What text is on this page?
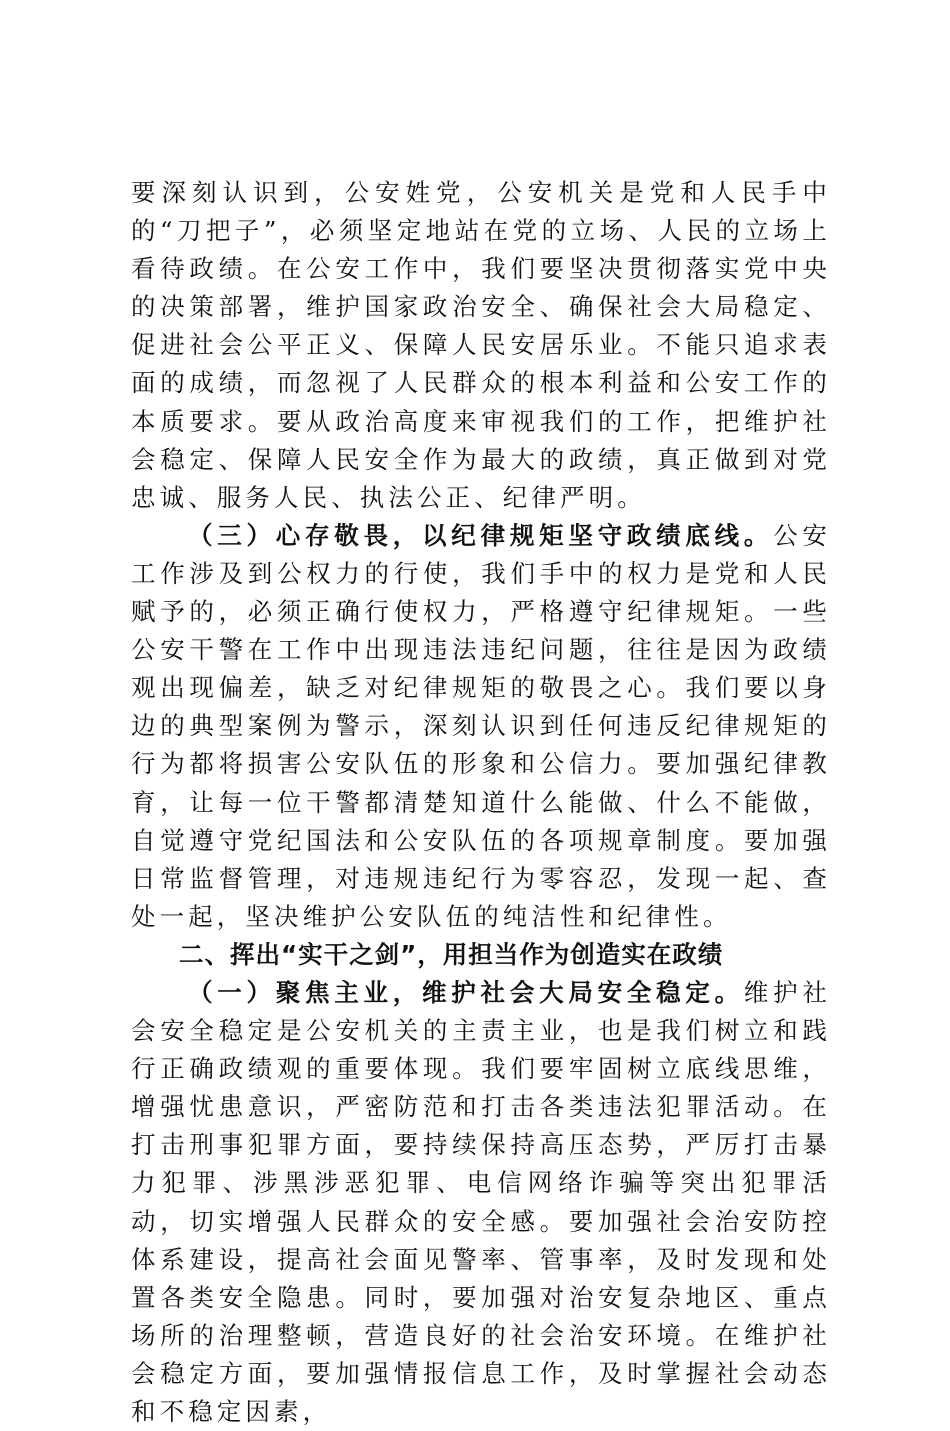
要深刻认识到，公安姓党，公安机关是党和人民手中的“刀把子”，必须坚定地站在党的立场、人民的立场上看待政绩。在公安工作中，我们要坚决贯彻落实党中央的决策部署，维护国家政治安全、确保社会大局稳定、促进社会公平正义、保障人民安居乐业。不能只追求表面的成绩，而忽视了人民群众的根本利益和公安工作的本质要求。要从政治高度来审视我们的工作，把维护社会稳定、保障人民安全作为最大的政绩，真正做到对党忠诚、服务人民、执法公正、纪律严明。

（三）心存敬畏，以纪律规矩坚守政绩底线。公安工作涉及到公权力的行使，我们手中的权力是党和人民赋予的，必须正确行使权力，严格遵守纪律规矩。一些公安干警在工作中出现违法违纪问题，往往是因为政绩观出现偏差，缺乏对纪律规矩的敬畏之心。我们要以身边的典型案例为警示，深刻认识到任何违反纪律规矩的行为都将损害公安队伍的形象和公信力。要加强纪律教育，让每一位干警都清楚知道什么能做、什么不能做，自觉遵守党纪国法和公安队伍的各项规章制度。要加强日常监督管理，对违规违纪行为零容忍，发现一起、查处一起，坚决维护公安队伍的纯洁性和纪律性。

二、挥出“实干之剑”，用担当作为创造实在政绩

（一）聚焦主业，维护社会大局安全稳定。维护社会安全稳定是公安机关的主责主业，也是我们树立和践行正确政绩观的重要体现。我们要牢固树立底线思维，增强忧患意识，严密防范和打击各类违法犯罪活动。在打击刑事犯罪方面，要持续保持高压态势，严厉打击暴力犯罪、涉黑涉恶犯罪、电信网络诈骗等突出犯罪活动，切实增强人民群众的安全感。要加强社会治安防控体系建设，提高社会面见警率、管事率，及时发现和处置各类安全隐患。同时，要加强对治安复杂地区、重点场所的治理整顿，营造良好的社会治安环境。在维护社会稳定方面，要加强情报信息工作，及时掌握社会动态和不稳定因素，
